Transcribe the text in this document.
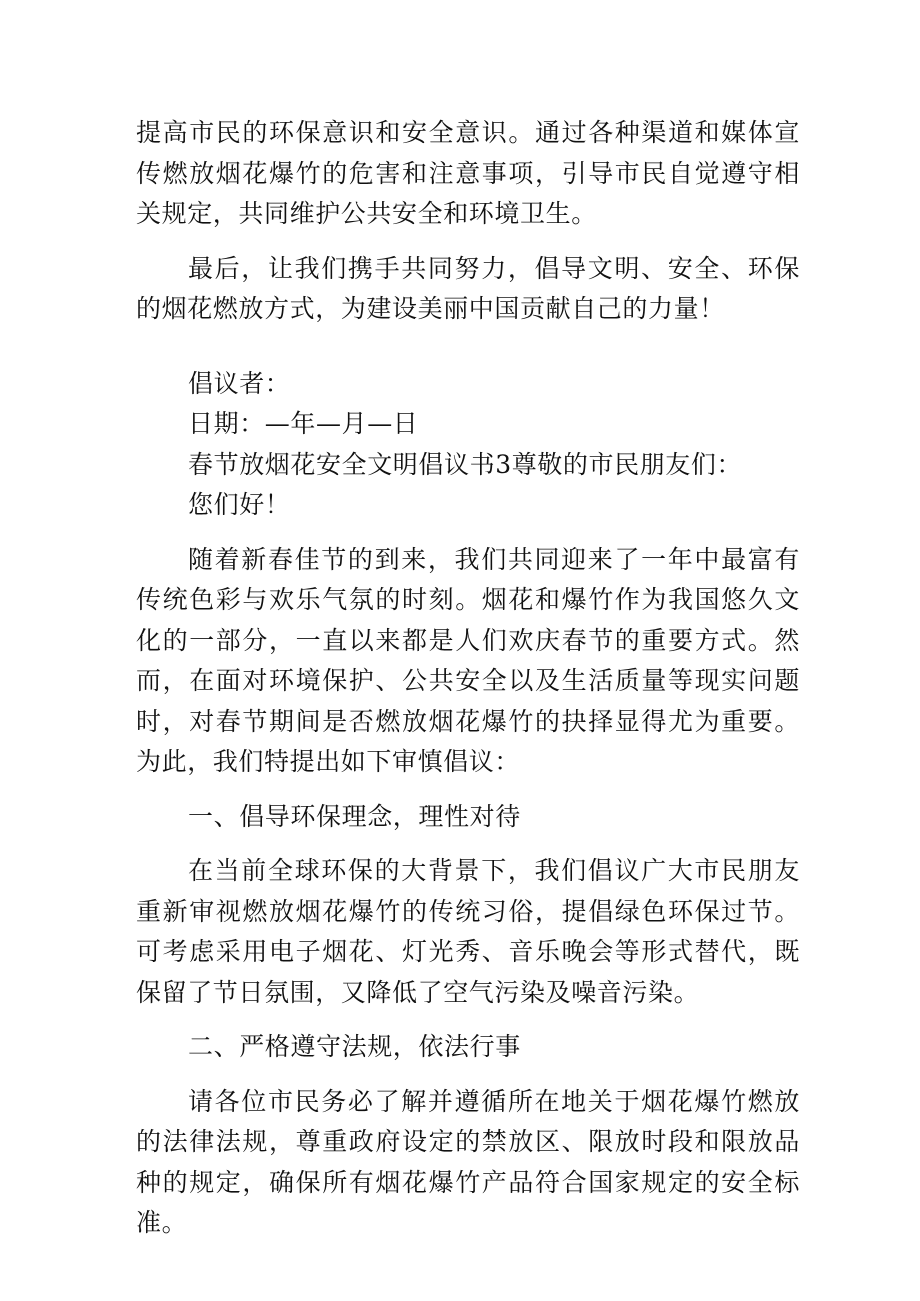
提高市民的环保意识和安全意识。通过各种渠道和媒体宣传燃放烟花爆竹的危害和注意事项，引导市民自觉遵守相关规定，共同维护公共安全和环境卫生。

最后，让我们携手共同努力，倡导文明、安全、环保的烟花燃放方式，为建设美丽中国贡献自己的力量！

倡议者：

日期：—年—月—日

春节放烟花安全文明倡议书3尊敬的市民朋友们：

您们好！

随着新春佳节的到来，我们共同迎来了一年中最富有传统色彩与欢乐气氛的时刻。烟花和爆竹作为我国悠久文化的一部分，一直以来都是人们欢庆春节的重要方式。然而，在面对环境保护、公共安全以及生活质量等现实问题时，对春节期间是否燃放烟花爆竹的抉择显得尤为重要。为此，我们特提出如下审慎倡议：

一、倡导环保理念，理性对待

在当前全球环保的大背景下，我们倡议广大市民朋友重新审视燃放烟花爆竹的传统习俗，提倡绿色环保过节。可考虑采用电子烟花、灯光秀、音乐晚会等形式替代，既保留了节日氛围，又降低了空气污染及噪音污染。

二、严格遵守法规，依法行事

请各位市民务必了解并遵循所在地关于烟花爆竹燃放的法律法规，尊重政府设定的禁放区、限放时段和限放品种的规定，确保所有烟花爆竹产品符合国家规定的安全标准。
